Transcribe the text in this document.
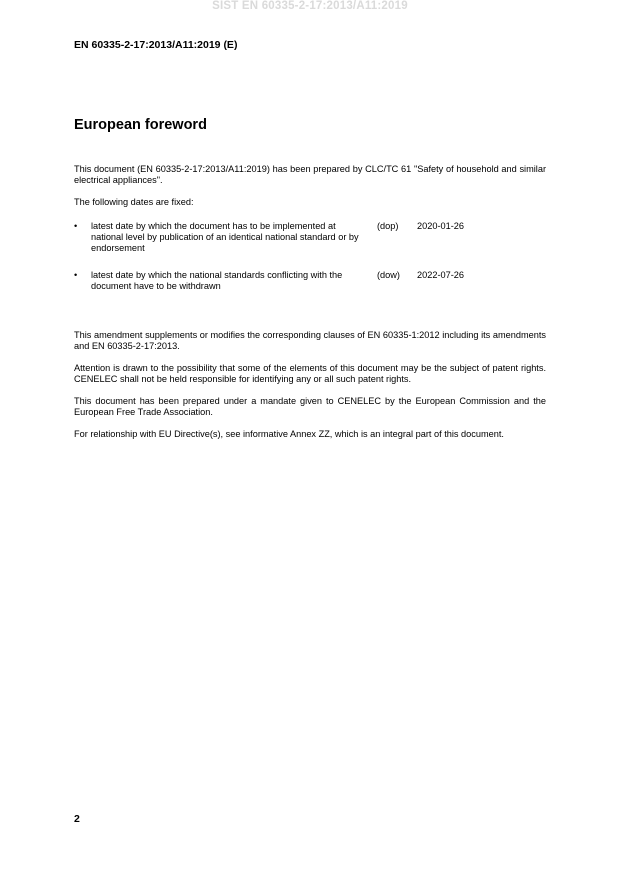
SIST EN 60335-2-17:2013/A11:2019
EN 60335-2-17:2013/A11:2019 (E)
European foreword

This document (EN 60335-2-17:2013/A11:2019) has been prepared by CLC/TC 61 "Safety of household and similar electrical appliances".

The following dates are fixed:

• latest date by which the document has to be implemented at national level by publication of an identical national standard or by endorsement
(dop) 2020-01-26
• latest date by which the national standards conflicting with the document have to be withdrawn
(dow) 2022-07-26

This amendment supplements or modifies the corresponding clauses of EN 60335-1:2012 including its amendments and EN 60335-2-17:2013.

Attention is drawn to the possibility that some of the elements of this document may be the subject of patent rights. CENELEC shall not be held responsible for identifying any or all such patent rights.

This document has been prepared under a mandate given to CENELEC by the European Commission and the European Free Trade Association.

For relationship with EU Directive(s), see informative Annex ZZ, which is an integral part of this document.

2
